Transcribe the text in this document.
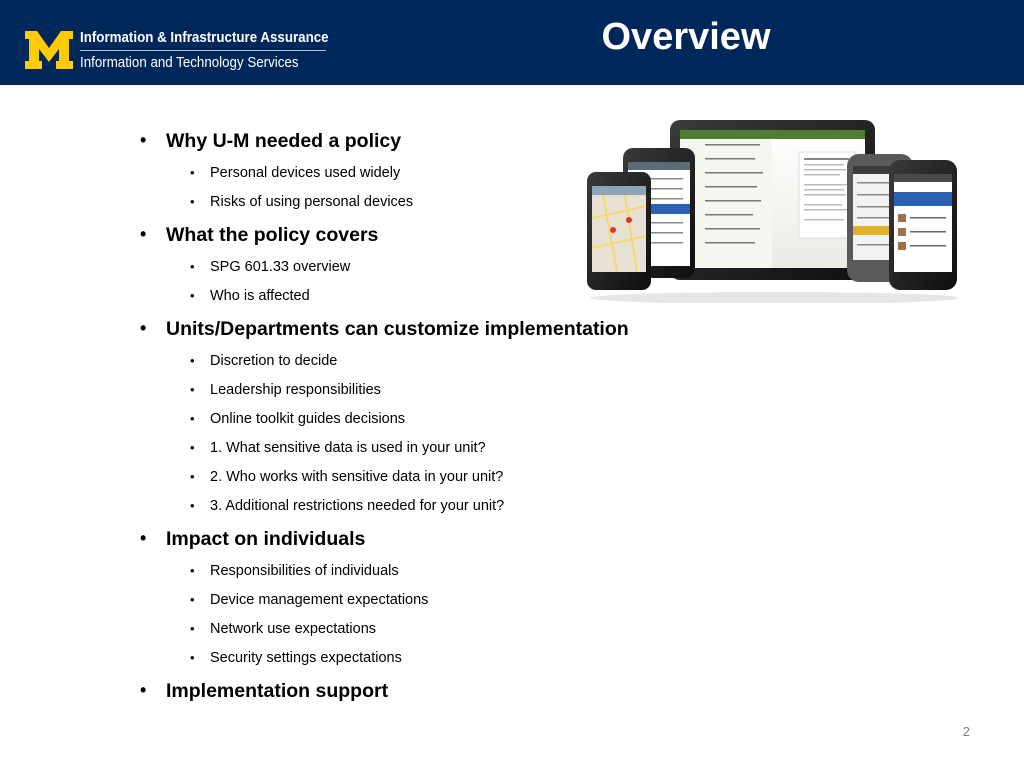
Information & Infrastructure Assurance
Information and Technology Services
Overview
• Why U-M needed a policy
• Personal devices used widely
• Risks of using personal devices
• What the policy covers
• SPG 601.33 overview
• Who is affected
• Units/Departments can customize implementation
• Discretion to decide
• Leadership responsibilities
• Online toolkit guides decisions
• 1. What sensitive data is used in your unit?
• 2. Who works with sensitive data in your unit?
• 3. Additional restrictions needed for your unit?
• Impact on individuals
• Responsibilities of individuals
• Device management expectations
• Network use expectations
• Security settings expectations
• Implementation support
2
